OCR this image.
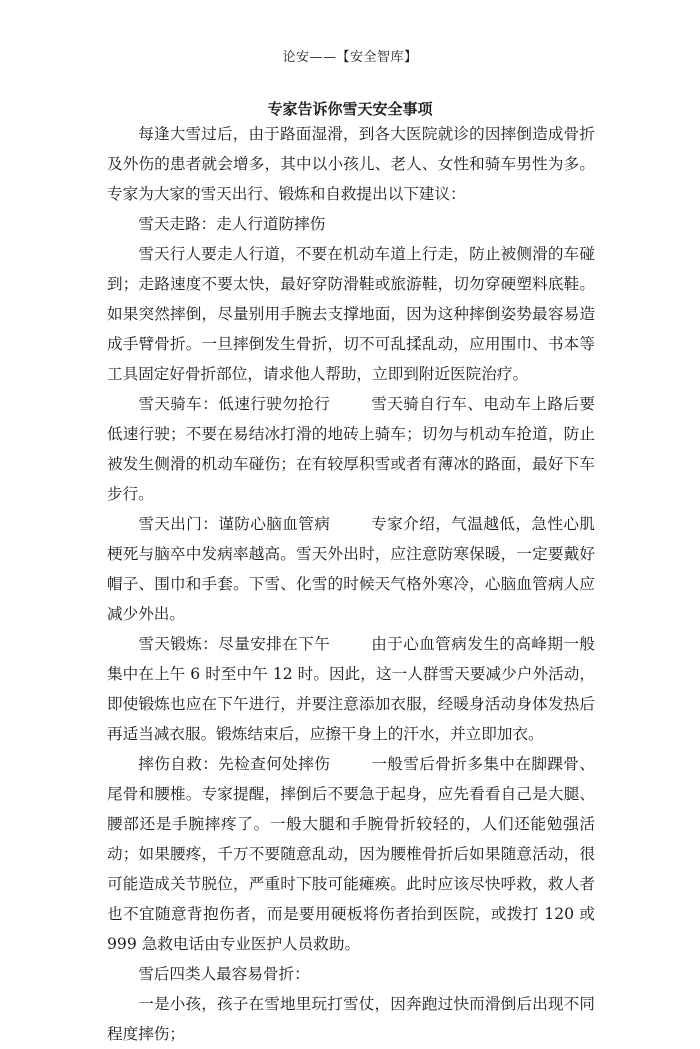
论安——【安全智库】
专家告诉你雪天安全事项

每逢大雪过后，由于路面湿滑，到各大医院就诊的因摔倒造成骨折及外伤的患者就会增多，其中以小孩儿、老人、女性和骑车男性为多。专家为大家的雪天出行、锻炼和自救提出以下建议：

雪天走路：走人行道防摔伤

雪天行人要走人行道，不要在机动车道上行走，防止被侧滑的车碰到；走路速度不要太快，最好穿防滑鞋或旅游鞋，切勿穿硬塑料底鞋。如果突然摔倒，尽量别用手腕去支撑地面，因为这种摔倒姿势最容易造成手臂骨折。一旦摔倒发生骨折，切不可乱揉乱动，应用围巾、书本等工具固定好骨折部位，请求他人帮助，立即到附近医院治疗。

雪天骑车：低速行驶勿抢行	雪天骑自行车、电动车上路后要低速行驶；不要在易结冰打滑的地砖上骑车；切勿与机动车抢道，防止被发生侧滑的机动车碰伤；在有较厚积雪或者有薄冰的路面，最好下车步行。

雪天出门：谨防心脑血管病	专家介绍，气温越低，急性心肌梗死与脑卒中发病率越高。雪天外出时，应注意防寒保暖，一定要戴好帽子、围巾和手套。下雪、化雪的时候天气格外寒冷，心脑血管病人应减少外出。

雪天锻炼：尽量安排在下午	由于心血管病发生的高峰期一般集中在上午 6 时至中午 12 时。因此，这一人群雪天要减少户外活动，即使锻炼也应在下午进行，并要注意添加衣服，经暖身活动身体发热后再适当减衣服。锻炼结束后，应擦干身上的汗水，并立即加衣。

摔伤自救：先检查何处摔伤	一般雪后骨折多集中在脚踝骨、尾骨和腰椎。专家提醒，摔倒后不要急于起身，应先看看自己是大腿、腰部还是手腕摔疼了。一般大腿和手腕骨折较轻的，人们还能勉强活动；如果腰疼，千万不要随意乱动，因为腰椎骨折后如果随意活动，很可能造成关节脱位，严重时下肢可能瘫痪。此时应该尽快呼救，救人者也不宜随意背抱伤者，而是要用硬板将伤者抬到医院，或拨打 120 或 999 急救电话由专业医护人员救助。

雪后四类人最容易骨折：

一是小孩，孩子在雪地里玩打雪仗，因奔跑过快而滑倒后出现不同程度摔伤；
